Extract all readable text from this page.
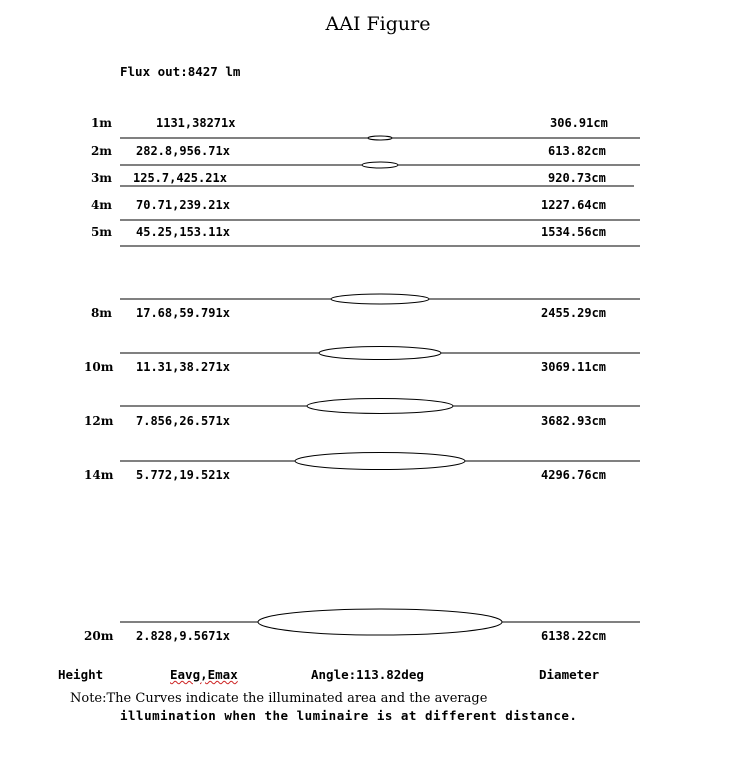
AAI Figure
Flux out:8427 lm
1m	1131,38271x	306.91cm
2m 282.8,956.71x	613.82cm
3m 125.7,425.21x	920.73cm
4m 70.71,239.21x	1227.64cm
5m 45.25,153.11x	1534.56cm
8m 17.68,59.791x	2455.29cm
10m 11.31,38.271x	3069.11cm
12m 7.856,26.571x	3682.93cm
14m 5.772,19.521x	4296.76cm
20m 2.828,9.5671x	6138.22cm
Height	Eavg,Emax	Angle:113.82deg	Diameter
Note:The Curves indicate the illuminated area and the average
illumination when the luminaire is at different distance.
